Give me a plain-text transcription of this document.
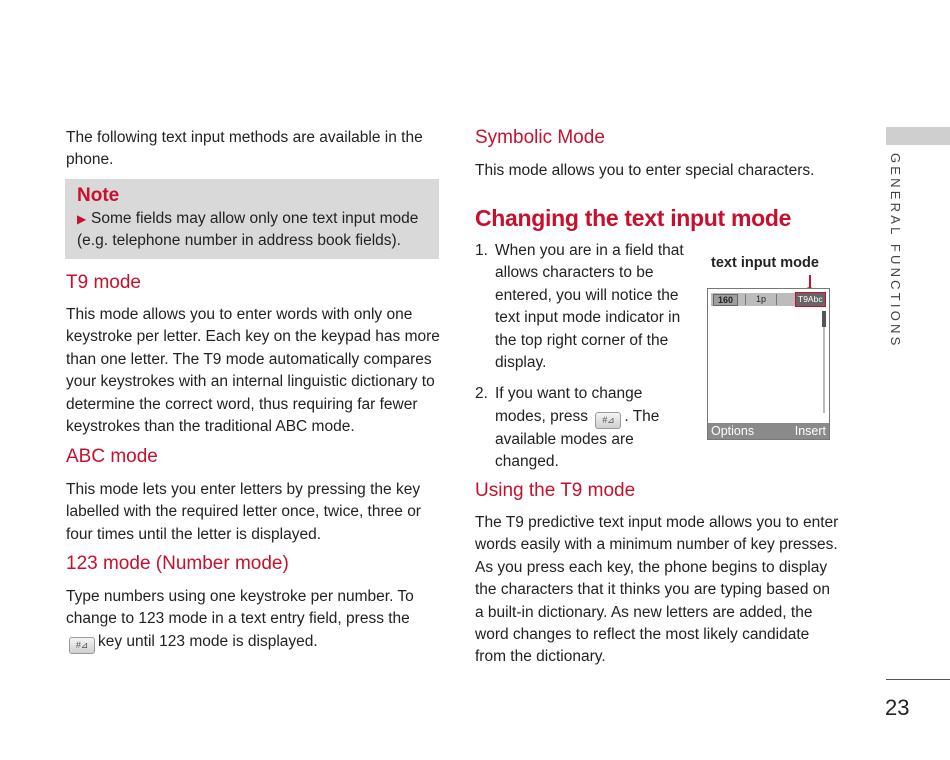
The following text input methods are available in the phone.

Note

▶ Some fields may allow only one text input mode (e.g. telephone number in address book fields).
T9 mode

This mode allows you to enter words with only one keystroke per letter. Each key on the keypad has more than one letter. The T9 mode automatically compares your keystrokes with an internal linguistic dictionary to determine the correct word, thus requiring far fewer keystrokes than the traditional ABC mode.

ABC mode

This mode lets you enter letters by pressing the key labelled with the required letter once, twice, three or four times until the letter is displayed.

123 mode (Number mode)

Type numbers using one keystroke per number. To change to 123 mode in a text entry field, press the #⊿ key until 123 mode is displayed.

Symbolic Mode

This mode allows you to enter special characters.

Changing the text input mode
1. When you are in a field that allows characters to be entered, you will notice the text input mode indicator in the top right corner of the display.
2. If you want to change modes, press #⊿ . The available modes are changed.
text input mode
160	1p	T9Abc
Options	Insert
Using the T9 mode

The T9 predictive text input mode allows you to enter words easily with a minimum number of key presses. As you press each key, the phone begins to display the characters that it thinks you are typing based on a built-in dictionary. As new letters are added, the word changes to reflect the most likely candidate from the dictionary.

GENERAL FUNCTIONS
23
